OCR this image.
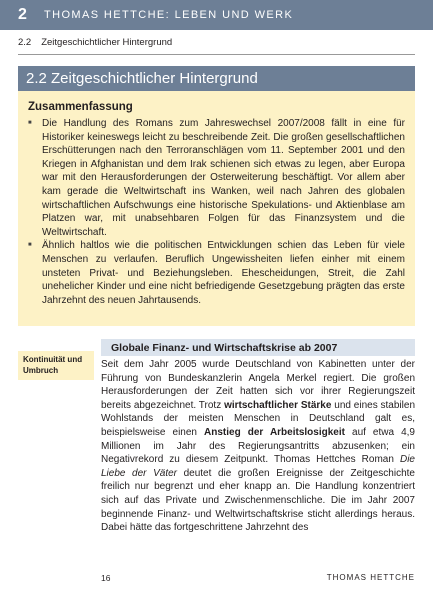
2	THOMAS HETTCHE: LEBEN UND WERK
2.2 Zeitgeschichtlicher Hintergrund
2.2 Zeitgeschichtlicher Hintergrund
Zusammenfassung
■	Die Handlung des Romans zum Jahreswechsel 2007/2008 fällt in eine für Historiker keineswegs leicht zu beschreibende Zeit. Die großen gesellschaftlichen Erschütterungen nach den Terroranschlägen vom 11. September 2001 und den Kriegen in Afghanistan und dem Irak schienen sich etwas zu legen, aber Europa war mit den Herausforderungen der Osterweiterung beschäftigt. Vor allem aber kam gerade die Weltwirtschaft ins Wanken, weil nach Jahren des globalen wirtschaftlichen Aufschwungs eine historische Spekulations- und Aktienblase am Platzen war, mit unabsehbaren Folgen für das Finanzsystem und die Weltwirtschaft.
■	Ähnlich haltlos wie die politischen Entwicklungen schien das Leben für viele Menschen zu verlaufen. Beruflich Ungewissheiten liefen einher mit einem unsteten Privat- und Beziehungsleben. Ehescheidungen, Streit, die Zahl unehelicher Kinder und eine nicht befriedigende Gesetzgebung prägten das erste Jahrzehnt des neuen Jahrtausends.
Kontinuität und Umbruch
Globale Finanz- und Wirtschaftskrise ab 2007
Seit dem Jahr 2005 wurde Deutschland von Kabinetten unter der Führung von Bundeskanzlerin Angela Merkel regiert. Die großen Herausforderungen der Zeit hatten sich vor ihrer Regierungszeit bereits abgezeichnet. Trotz wirtschaftlicher Stärke und eines stabilen Wohlstands der meisten Menschen in Deutschland galt es, beispielsweise einen Anstieg der Arbeitslosigkeit auf etwa 4,9 Millionen im Jahr des Regierungsantritts abzusenken; ein Negativrekord zu diesem Zeitpunkt. Thomas Hettches Roman Die Liebe der Väter deutet die großen Ereignisse der Zeitgeschichte freilich nur begrenzt und eher knapp an. Die Handlung konzentriert sich auf das Private und Zwischenmenschliche. Die im Jahr 2007 beginnende Finanz- und Weltwirtschaftskrise sticht allerdings heraus. Dabei hätte das fortgeschrittene Jahrzehnt des
16	THOMAS HETTCHE
